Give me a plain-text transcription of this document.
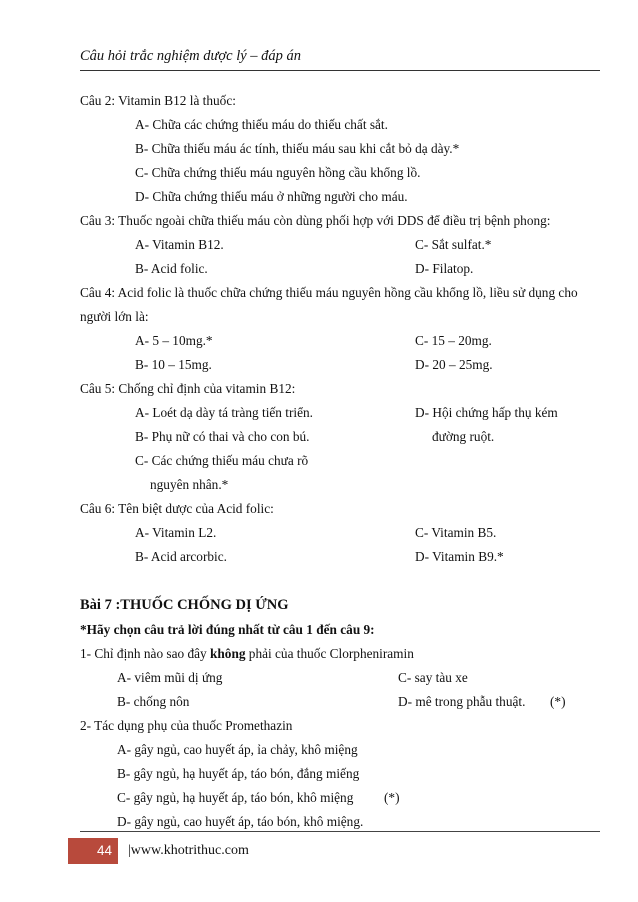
Câu hỏi trắc nghiệm dược lý – đáp án
Câu 2: Vitamin B12 là thuốc:
A- Chữa các chứng thiếu máu do thiếu chất sắt.
B- Chữa thiếu máu ác tính, thiếu máu sau khi cắt bỏ dạ dày.*
C- Chữa chứng thiếu máu nguyên hồng cầu khổng lồ.
D- Chữa chứng thiếu máu ở những người cho máu.
Câu 3: Thuốc ngoài chữa thiếu máu còn dùng phối hợp với DDS để điều trị bệnh phong:
A- Vitamin B12.	C- Sắt sulfat.*
B- Acid folic.	D- Filatop.
Câu 4: Acid folic là thuốc chữa chứng thiếu máu nguyên hồng cầu khổng lồ, liều sử dụng cho
người lớn là:
A- 5 – 10mg.*	C- 15 – 20mg.
B- 10 – 15mg.	D- 20 – 25mg.
Câu 5: Chống chỉ định của vitamin B12:
A- Loét dạ dày tá tràng tiến triển.	D- Hội chứng hấp thụ kém
B- Phụ nữ có thai và cho con bú.	đường ruột.
C- Các chứng thiếu máu chưa rõ
nguyên nhân.*
Câu 6: Tên biệt dược của Acid folic:
A- Vitamin L2.	C- Vitamin B5.
B- Acid arcorbic.	D- Vitamin B9.*
Bài 7 :THUỐC CHỐNG DỊ ỨNG
*Hãy chọn câu trả lời đúng nhất từ câu 1 đến câu 9:
1- Chỉ định nào sao đây không phải của thuốc Clorpheniramin
A- viêm mũi dị ứng	C- say tàu xe
B- chống nôn	D- mê trong phẫu thuật. (*)
2- Tác dụng phụ của thuốc Promethazin
A- gây ngủ, cao huyết áp, ỉa chảy, khô miệng
B- gây ngủ, hạ huyết áp, táo bón, đắng miếng
C- gây ngủ, hạ huyết áp, táo bón, khô miệng (*)
D- gây ngủ, cao huyết áp, táo bón, khô miệng.
44	|www.khotrithuc.com
